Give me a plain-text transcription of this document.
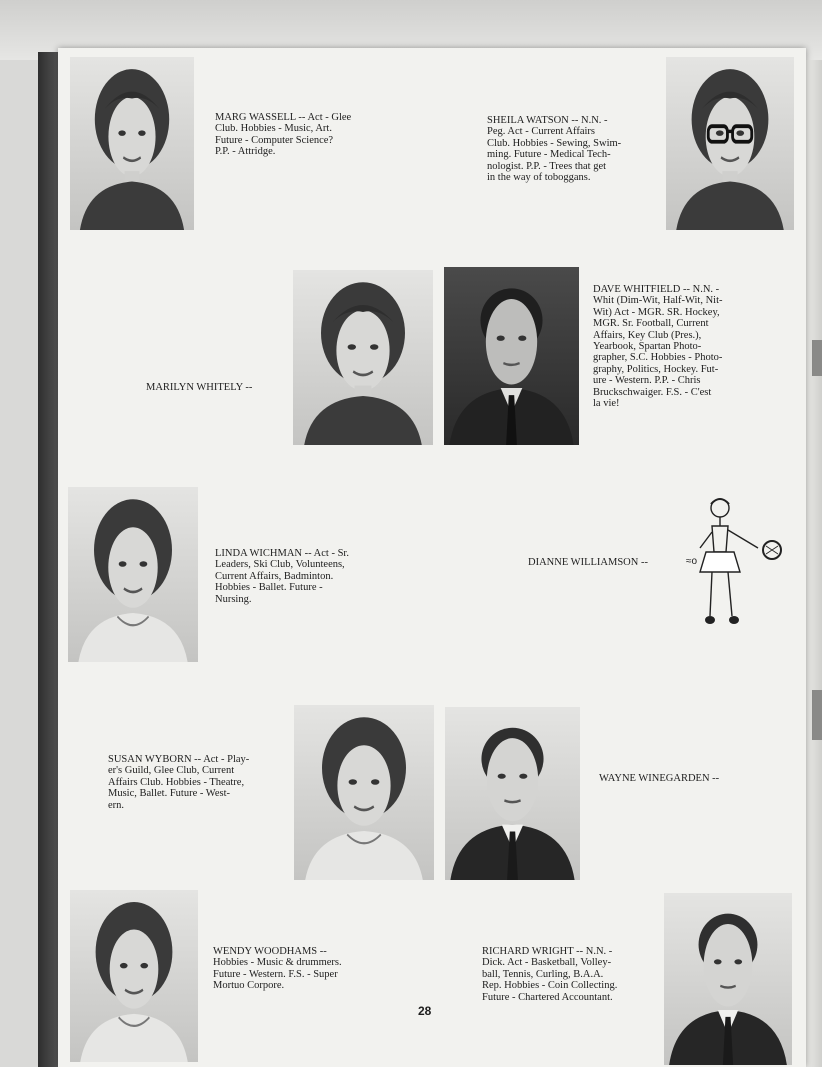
MARG WASSELL -- Act - Glee
Club. Hobbies - Music, Art.
Future - Computer Science?
P.P. - Attridge.
SHEILA WATSON -- N.N. -
Peg. Act - Current Affairs
Club. Hobbies - Sewing, Swim-
ming. Future - Medical Tech-
nologist. P.P. - Trees that get
in the way of toboggans.
MARILYN WHITELY --
DAVE WHITFIELD -- N.N. -
Whit (Dim-Wit, Half-Wit, Nit-
Wit) Act - MGR. SR. Hockey,
MGR. Sr. Football, Current
Affairs, Key Club (Pres.),
Yearbook, Spartan Photo-
grapher, S.C. Hobbies - Photo-
graphy, Politics, Hockey. Fut-
ure - Western. P.P. - Chris
Bruckschwaiger. F.S. - C'est
la vie!
LINDA WICHMAN -- Act - Sr.
Leaders, Ski Club, Volunteens,
Current Affairs, Badminton.
Hobbies - Ballet. Future -
Nursing.
DIANNE WILLIAMSON --	≈o
SUSAN WYBORN -- Act - Play-
er's Guild, Glee Club, Current
Affairs Club. Hobbies - Theatre,
Music, Ballet. Future - West-
ern.
WAYNE WINEGARDEN --
WENDY WOODHAMS --
Hobbies - Music & drummers.
Future - Western. F.S. - Super
Mortuo Corpore.
RICHARD WRIGHT -- N.N. -
Dick. Act - Basketball, Volley-
ball, Tennis, Curling, B.A.A.
Rep. Hobbies - Coin Collecting.
Future - Chartered Accountant.
28
